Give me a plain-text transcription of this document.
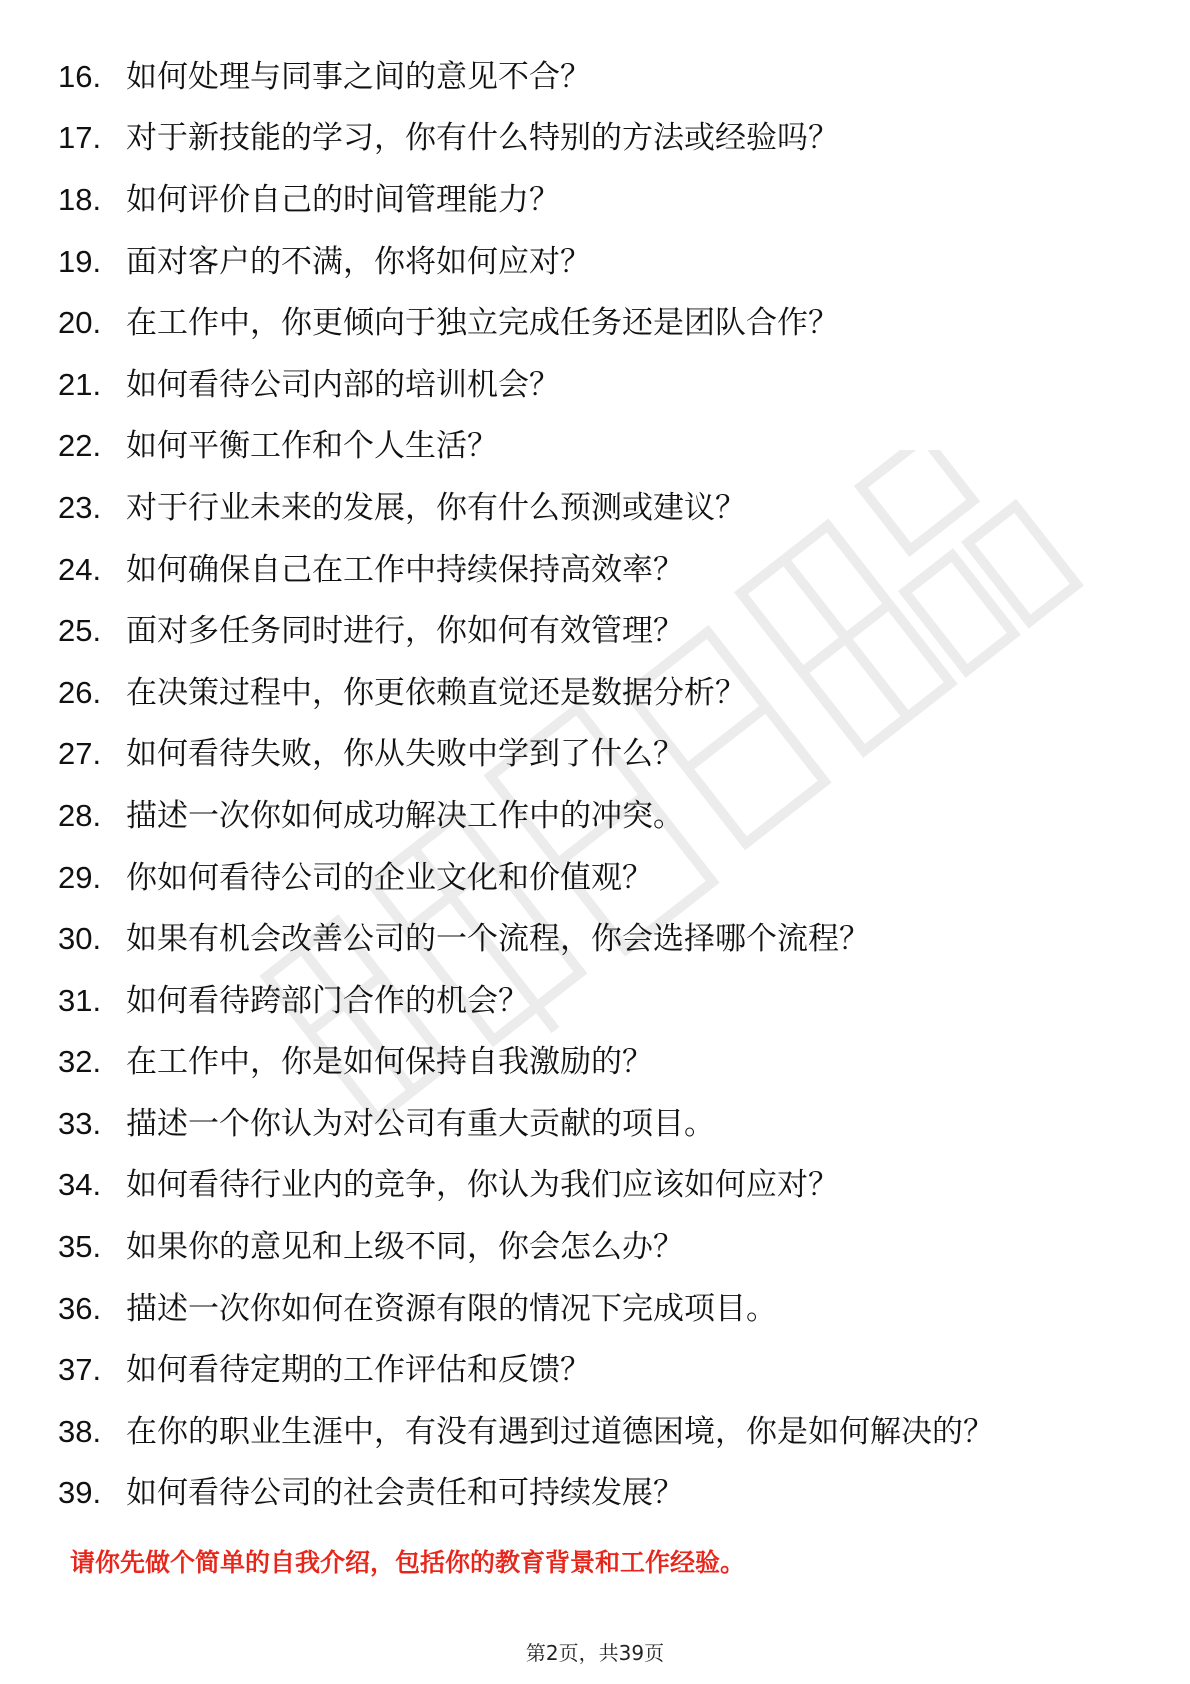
16. 如何处理与同事之间的意见不合？
17. 对于新技能的学习，你有什么特别的方法或经验吗？
18. 如何评价自己的时间管理能力？
19. 面对客户的不满，你将如何应对？
20. 在工作中，你更倾向于独立完成任务还是团队合作？
21. 如何看待公司内部的培训机会？
22. 如何平衡工作和个人生活？
23. 对于行业未来的发展，你有什么预测或建议？
24. 如何确保自己在工作中持续保持高效率？
25. 面对多任务同时进行，你如何有效管理？
26. 在决策过程中，你更依赖直觉还是数据分析？
27. 如何看待失败，你从失败中学到了什么？
28. 描述一次你如何成功解决工作中的冲突。
29. 你如何看待公司的企业文化和价值观？
30. 如果有机会改善公司的一个流程，你会选择哪个流程？
31. 如何看待跨部门合作的机会？
32. 在工作中，你是如何保持自我激励的？
33. 描述一个你认为对公司有重大贡献的项目。
34. 如何看待行业内的竞争，你认为我们应该如何应对？
35. 如果你的意见和上级不同，你会怎么办？
36. 描述一次你如何在资源有限的情况下完成项目。
37. 如何看待定期的工作评估和反馈？
38. 在你的职业生涯中，有没有遇到过道德困境，你是如何解决的？
39. 如何看待公司的社会责任和可持续发展？
请你先做个简单的自我介绍，包括你的教育背景和工作经验。
第2页，共39页
